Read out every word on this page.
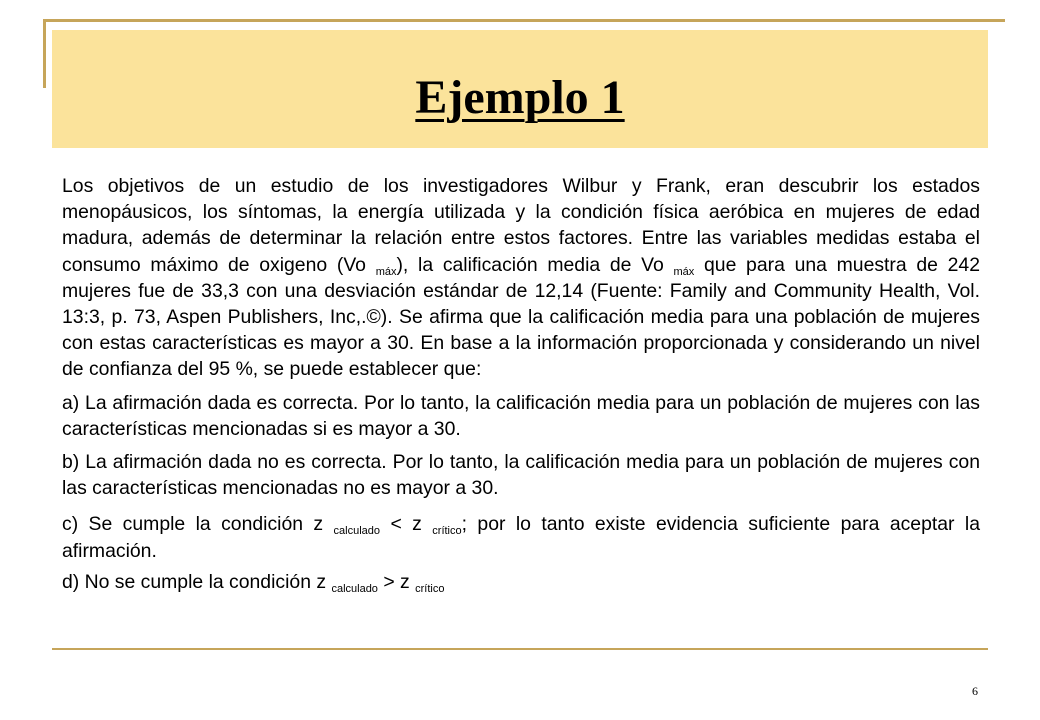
Ejemplo 1

Los objetivos de un estudio de los investigadores Wilbur y Frank, eran descubrir los estados menopáusicos, los síntomas, la energía utilizada y la condición física aeróbica en mujeres de edad madura, además de determinar la relación entre estos factores. Entre las variables medidas estaba el consumo máximo de oxigeno (Vo $_{máx}$), la calificación media de Vo $_{máx}$ que para una muestra de 242 mujeres fue de 33,3 con una desviación estándar de 12,14 (Fuente: Family and Community Health, Vol. 13:3, p. 73, Aspen Publishers, Inc,.©). Se afirma que la calificación media para una población de mujeres con estas características es mayor a 30. En base a la información proporcionada y considerando un nivel de confianza del 95 %, se puede establecer que:

a) La afirmación dada es correcta. Por lo tanto, la calificación media para un población de mujeres con las características mencionadas si es mayor a 30.

b) La afirmación dada no es correcta. Por lo tanto, la calificación media para un población de mujeres con las características mencionadas no es mayor a 30.

c) Se cumple la condición z $_{calculado}$ < z $_{crítico}$; por lo tanto existe evidencia suficiente para aceptar la afirmación.

d) No se cumple la condición z $_{calculado}$ > z $_{crítico}$

6
